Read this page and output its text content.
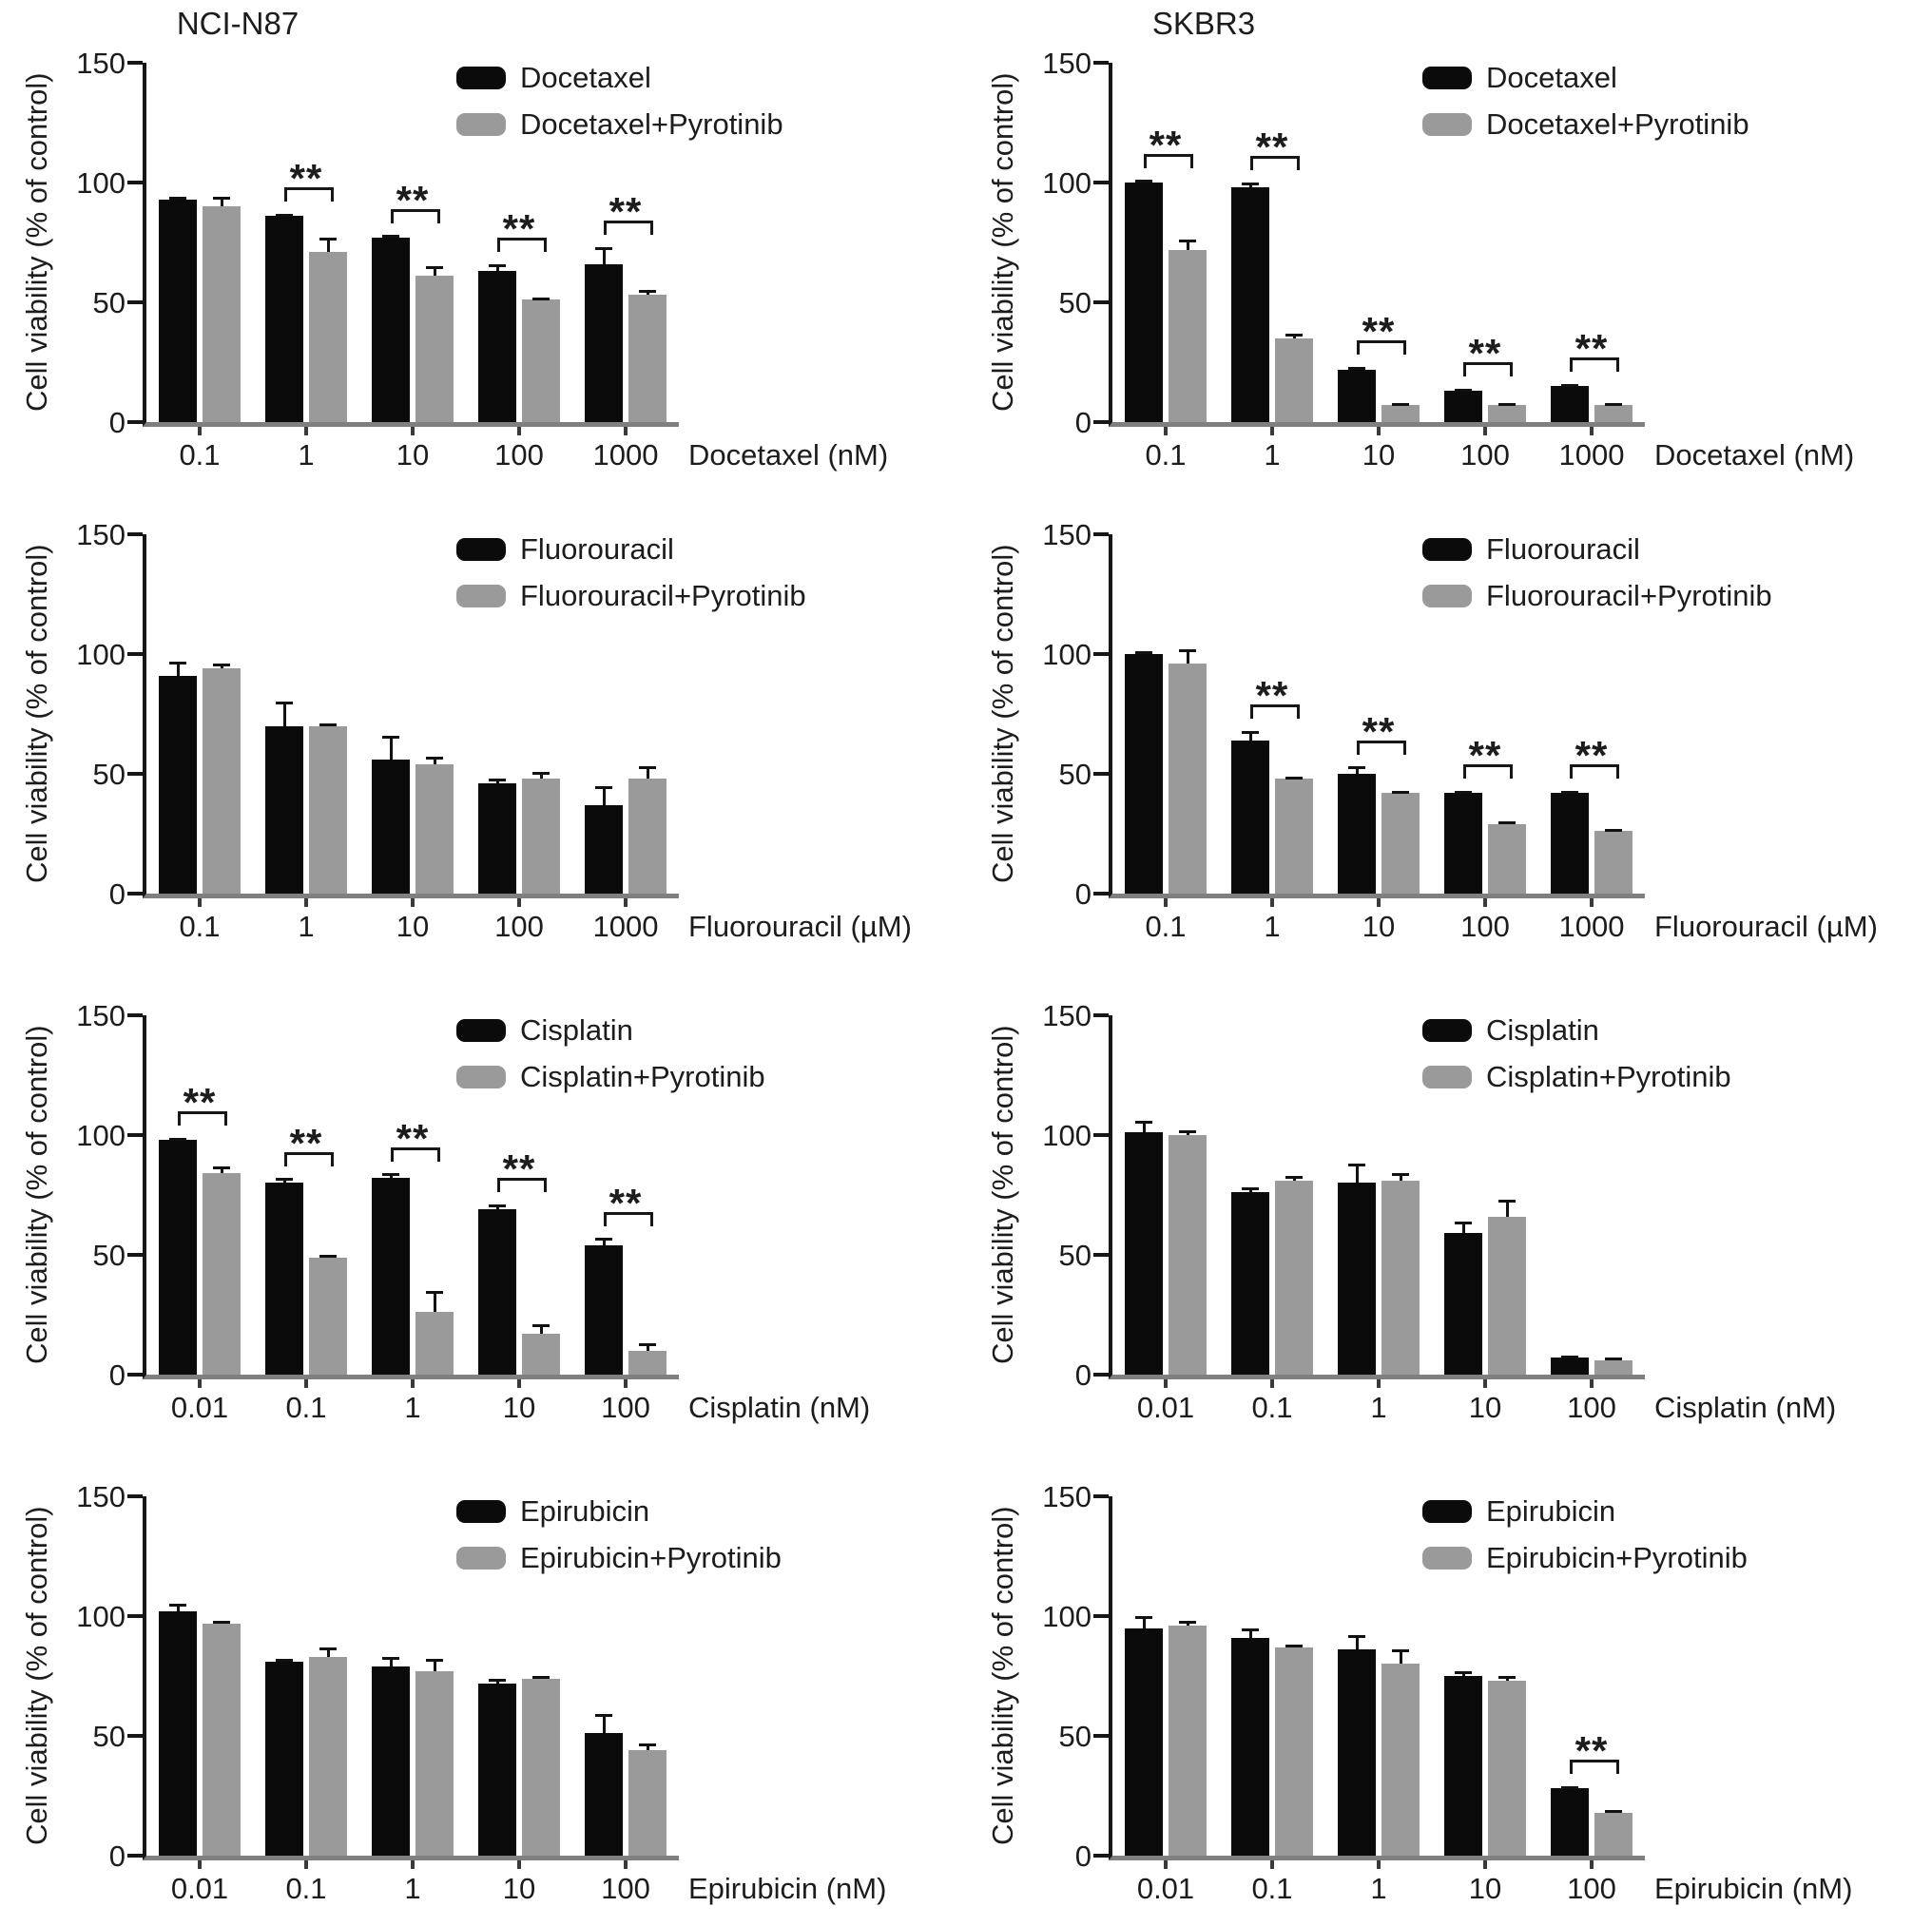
NCI-N87
Cell viability (% of control)
0
50
100
150
**	**
**	**
0.1	1	10	100	1000	Docetaxel (nM)
Docetaxel
Docetaxel+Pyrotinib
SKBR3
Cell viability (% of control)
0
50
100
150
**	**
**	**	**
0.1	1	10	100	1000	Docetaxel (nM)
Docetaxel
Docetaxel+Pyrotinib
Cell viability (% of control)
0
50
100
150
0.1	1	10	100	1000	Fluorouracil (µM)
Fluorouracil
Fluorouracil+Pyrotinib	Cell viability (% of control)
0
50
100
150
**
**
**	**
0.1	1	10	100	1000	Fluorouracil (µM)
Fluorouracil
Fluorouracil+Pyrotinib
Cell viability (% of control)
0
50
100
150
**
**	**
**
**
0.01	0.1	1	10	100	Cisplatin (nM)
Cisplatin
Cisplatin+Pyrotinib	Cell viability (% of control)
0
50
100
150
0.01	0.1	1	10	100	Cisplatin (nM)
Cisplatin
Cisplatin+Pyrotinib
Cell viability (% of control)
0
50
100
150
0.01	0.1	1	10	100	Epirubicin (nM)
Epirubicin
Epirubicin+Pyrotinib	Cell viability (% of control)
0
50
100
150
**
0.01	0.1	1	10	100	Epirubicin (nM)
Epirubicin
Epirubicin+Pyrotinib
